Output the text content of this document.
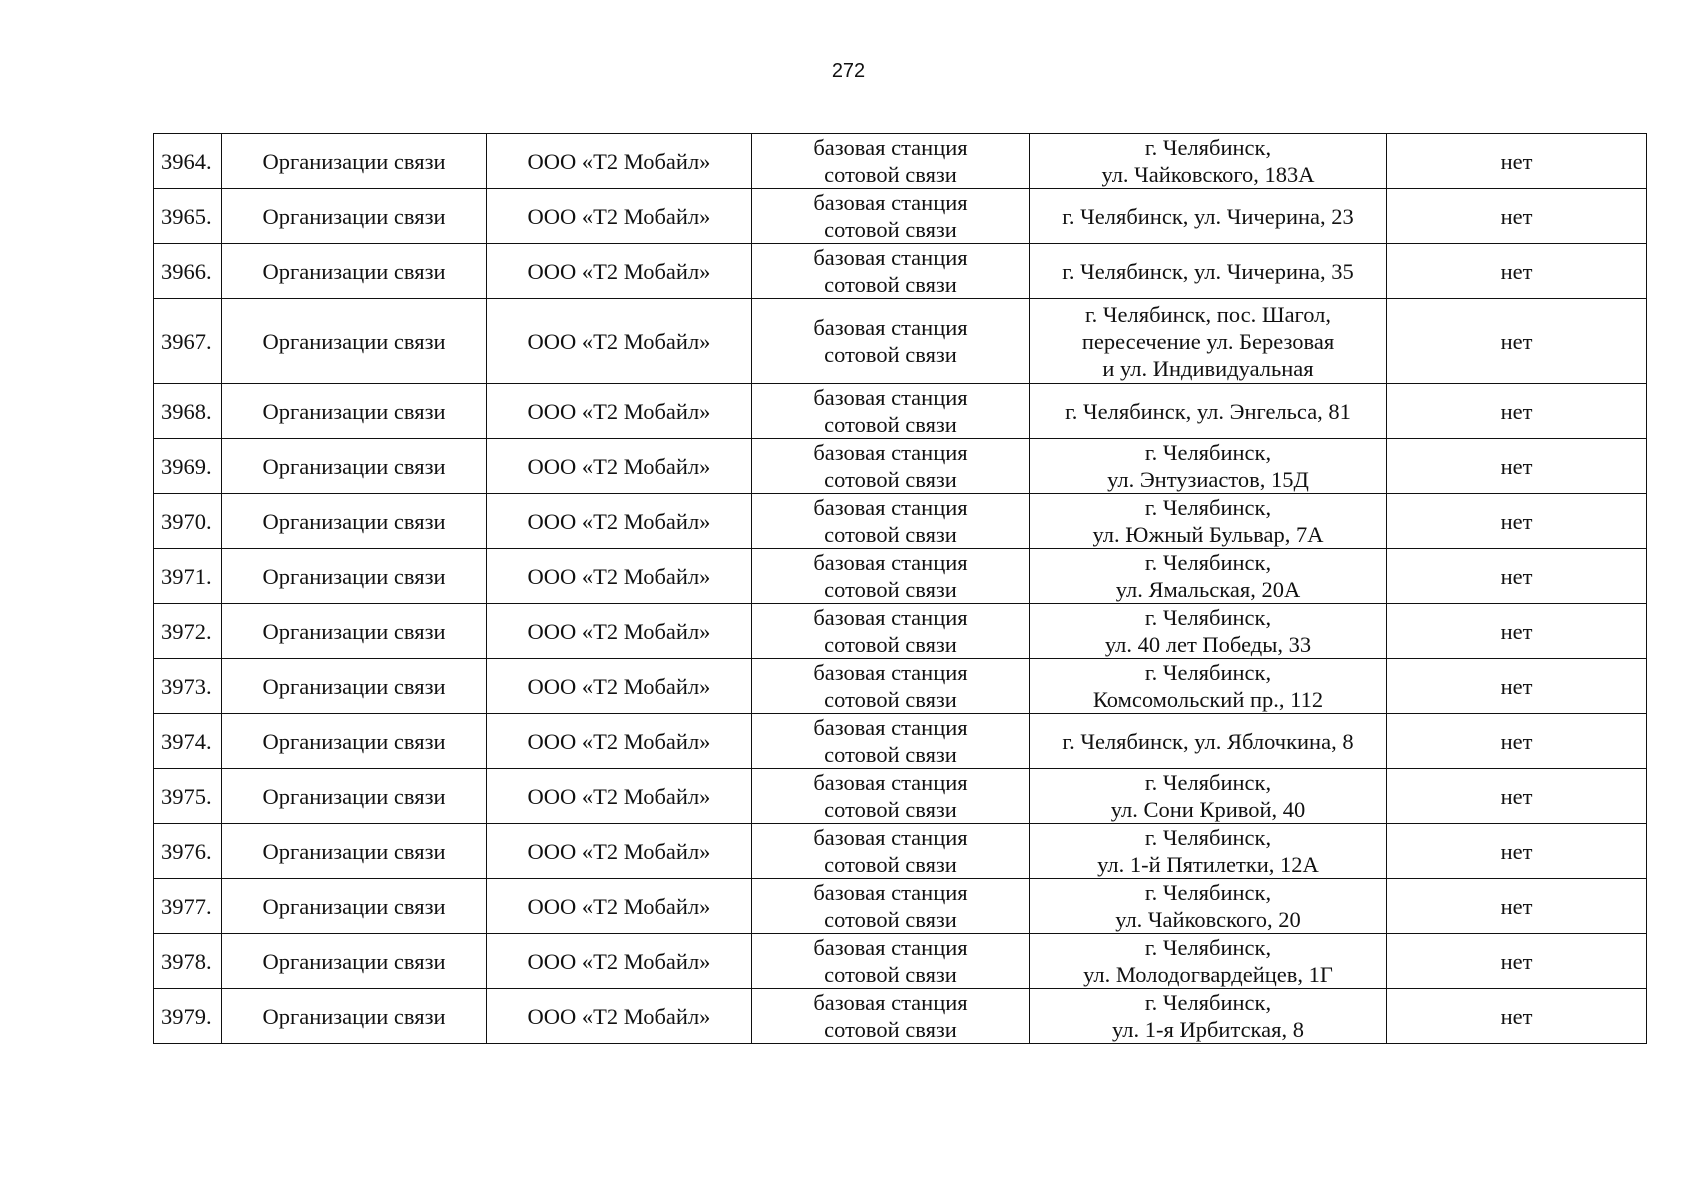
272
3964.	Организации связи	ООО «Т2 Мобайл»	базовая станция
сотовой связи	г. Челябинск,
ул. Чайковского, 183А	нет
3965.	Организации связи	ООО «Т2 Мобайл»	базовая станция
сотовой связи	г. Челябинск, ул. Чичерина, 23	нет
3966.	Организации связи	ООО «Т2 Мобайл»	базовая станция
сотовой связи	г. Челябинск, ул. Чичерина, 35	нет
3967.	Организации связи	ООО «Т2 Мобайл»	базовая станция
сотовой связи	г. Челябинск, пос. Шагол,
пересечение ул. Березовая
и ул. Индивидуальная	нет
3968.	Организации связи	ООО «Т2 Мобайл»	базовая станция
сотовой связи	г. Челябинск, ул. Энгельса, 81	нет
3969.	Организации связи	ООО «Т2 Мобайл»	базовая станция
сотовой связи	г. Челябинск,
ул. Энтузиастов, 15Д	нет
3970.	Организации связи	ООО «Т2 Мобайл»	базовая станция
сотовой связи	г. Челябинск,
ул. Южный Бульвар, 7А	нет
3971.	Организации связи	ООО «Т2 Мобайл»	базовая станция
сотовой связи	г. Челябинск,
ул. Ямальская, 20А	нет
3972.	Организации связи	ООО «Т2 Мобайл»	базовая станция
сотовой связи	г. Челябинск,
ул. 40 лет Победы, 33	нет
3973.	Организации связи	ООО «Т2 Мобайл»	базовая станция
сотовой связи	г. Челябинск,
Комсомольский пр., 112	нет
3974.	Организации связи	ООО «Т2 Мобайл»	базовая станция
сотовой связи	г. Челябинск, ул. Яблочкина, 8	нет
3975.	Организации связи	ООО «Т2 Мобайл»	базовая станция
сотовой связи	г. Челябинск,
ул. Сони Кривой, 40	нет
3976.	Организации связи	ООО «Т2 Мобайл»	базовая станция
сотовой связи	г. Челябинск,
ул. 1-й Пятилетки, 12А	нет
3977.	Организации связи	ООО «Т2 Мобайл»	базовая станция
сотовой связи	г. Челябинск,
ул. Чайковского, 20	нет
3978.	Организации связи	ООО «Т2 Мобайл»	базовая станция
сотовой связи	г. Челябинск,
ул. Молодогвардейцев, 1Г	нет
3979.	Организации связи	ООО «Т2 Мобайл»	базовая станция
сотовой связи	г. Челябинск,
ул. 1-я Ирбитская, 8	нет
